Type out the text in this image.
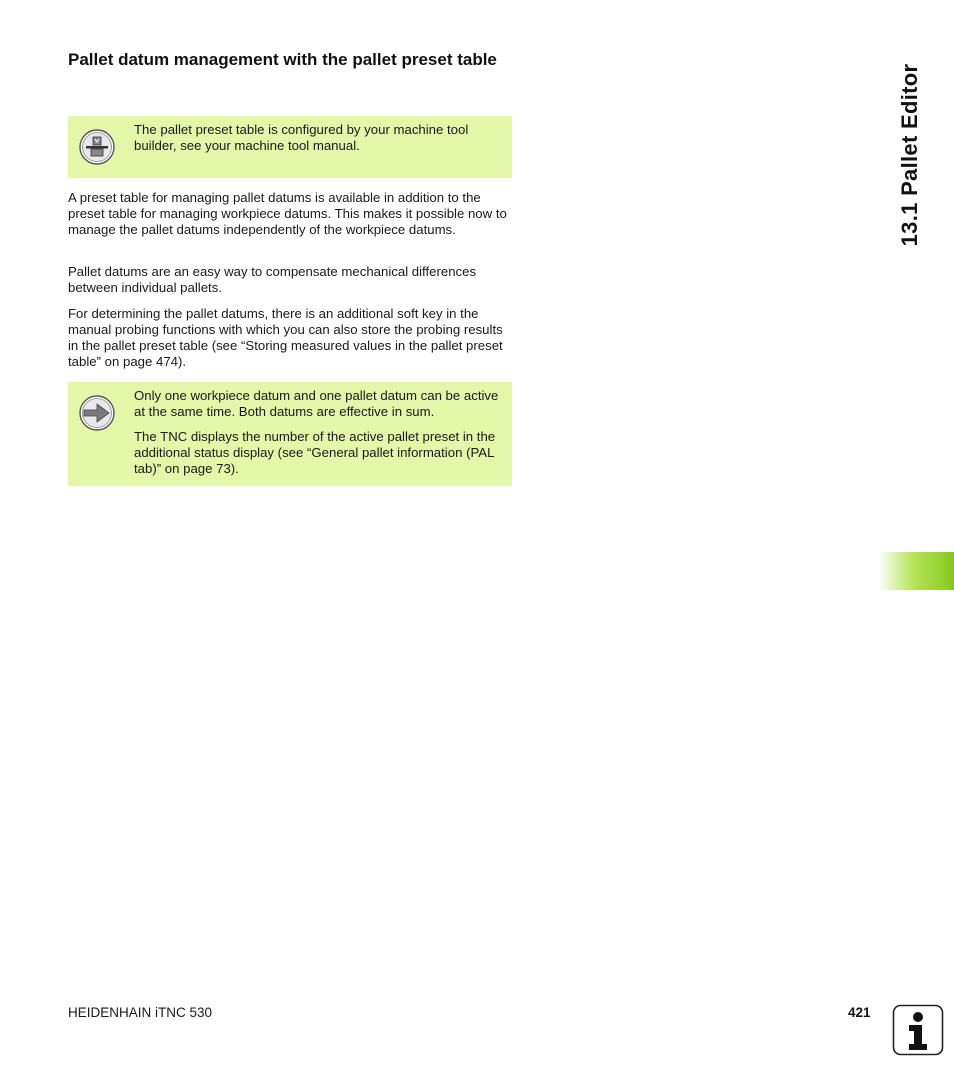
Pallet datum management with the pallet preset table
The pallet preset table is configured by your machine tool builder, see your machine tool manual.

A preset table for managing pallet datums is available in addition to the preset table for managing workpiece datums. This makes it possible now to manage the pallet datums independently of the workpiece datums.

Pallet datums are an easy way to compensate mechanical differences between individual pallets.

For determining the pallet datums, there is an additional soft key in the manual probing functions with which you can also store the probing results in the pallet preset table (see “Storing measured values in the pallet preset table” on page 474).

Only one workpiece datum and one pallet datum can be active at the same time. Both datums are effective in sum.
The TNC displays the number of the active pallet preset in the additional status display (see “General pallet information (PAL tab)” on page 73).
13.1 Pallet Editor
HEIDENHAIN iTNC 530	421
